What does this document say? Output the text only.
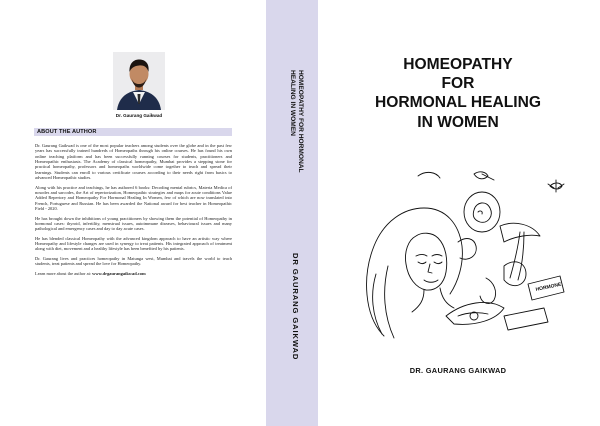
Dr. Gaurang Gaikwad
ABOUT THE AUTHOR

Dr. Gaurang Gaikwad is one of the most popular teachers among students over the globe and in the past few years has successfully trained hundreds of Homeopaths through his online courses. He has found his own online teaching platform and has been successfully running courses for students, practitioners and Homeopathic enthusiasts. The Academy of classical homeopathy, Mumbai provides a stepping stone for practical homeopathy, professors and homeopaths worldwide come together to teach and spread their learnings. Students can enroll to various certificate courses according to their needs right from basics to advanced Homeopathic studies.

Along with his practice and teachings, he has authored 6 books: Decoding mental rubrics, Materia Medica of nosodes and sarcodes, the Art of repertorization, Homeopathic strategies and maps for acute conditions Value Added Repertory and Homeopathy For Hormonal Healing In Women, few of which are now translated into French, Portuguese and Russian. He has been awarded the National award for best teacher in Homeopathic Field - 2020.

He has brought down the inhibitions of young practitioners by showing them the potential of Homeopathy in hormonal cases: thyroid, infertility, menstrual issues, autoimmune diseases, behavioural issues and many pathological and emergency cases and day to day acute cases.

He has blended classical Homeopathy with the advanced kingdom approach to have an artistic way where Homeopathy and lifestyle changes are used in synergy to treat patients. His integrated approach of treatment along with diet, movement and a healthy lifestyle has been benefited by his patients.

Dr. Gaurang lives and practices homeopathy in Matunga west, Mumbai and travels the world to teach students, treat patients and spread the love for Homeopathy.

Learn more about the author at: www.drgaurangaikwad.com

HOMEOPATHY FOR HORMONAL
HEALING IN WOMEN
DR GAURANG GAIKWAD
HOMEOPATHY
FOR
HORMONAL HEALING
IN WOMEN
HORMONE
DR. GAURANG GAIKWAD
